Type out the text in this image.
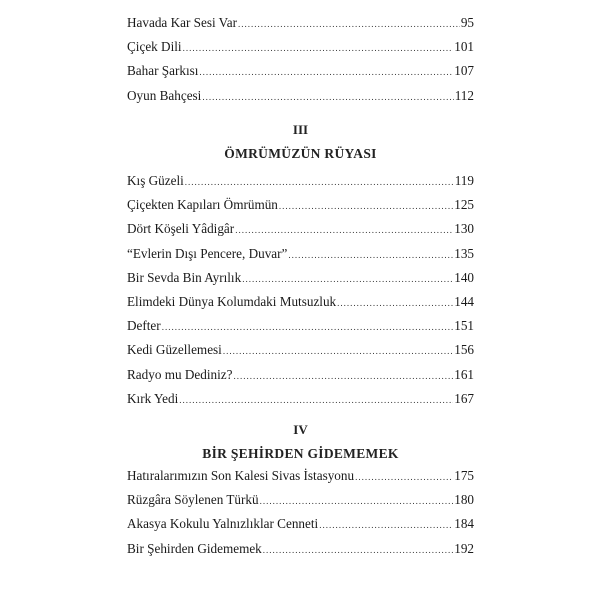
Havada Kar Sesi Var .....	95
Çiçek Dili .....	101
Bahar Şarkısı .....	107
Oyun Bahçesi .....	112
III
ÖMRÜMÜZÜN RÜYASI
Kış Güzeli .....	119
Çiçekten Kapıları Ömrümün .....	125
Dört Köşeli Yâdigâr .....	130
“Evlerin Dışı Pencere, Duvar” .....	135
Bir Sevda Bin Ayrılık .....	140
Elimdeki Dünya Kolumdaki Mutsuzluk .....	144
Defter .....	151
Kedi Güzellemesi .....	156
Radyo mu Dediniz? .....	161
Kırk Yedi .....	167
IV
BİR ŞEHİRDEN GİDEMEMEK
Hatıralarımızın Son Kalesi Sivas İstasyonu .....	175
Rüzgâra Söylenen Türkü .....	180
Akasya Kokulu Yalnızlıklar Cenneti .....	184
Bir Şehirden Gidememek .....	192
